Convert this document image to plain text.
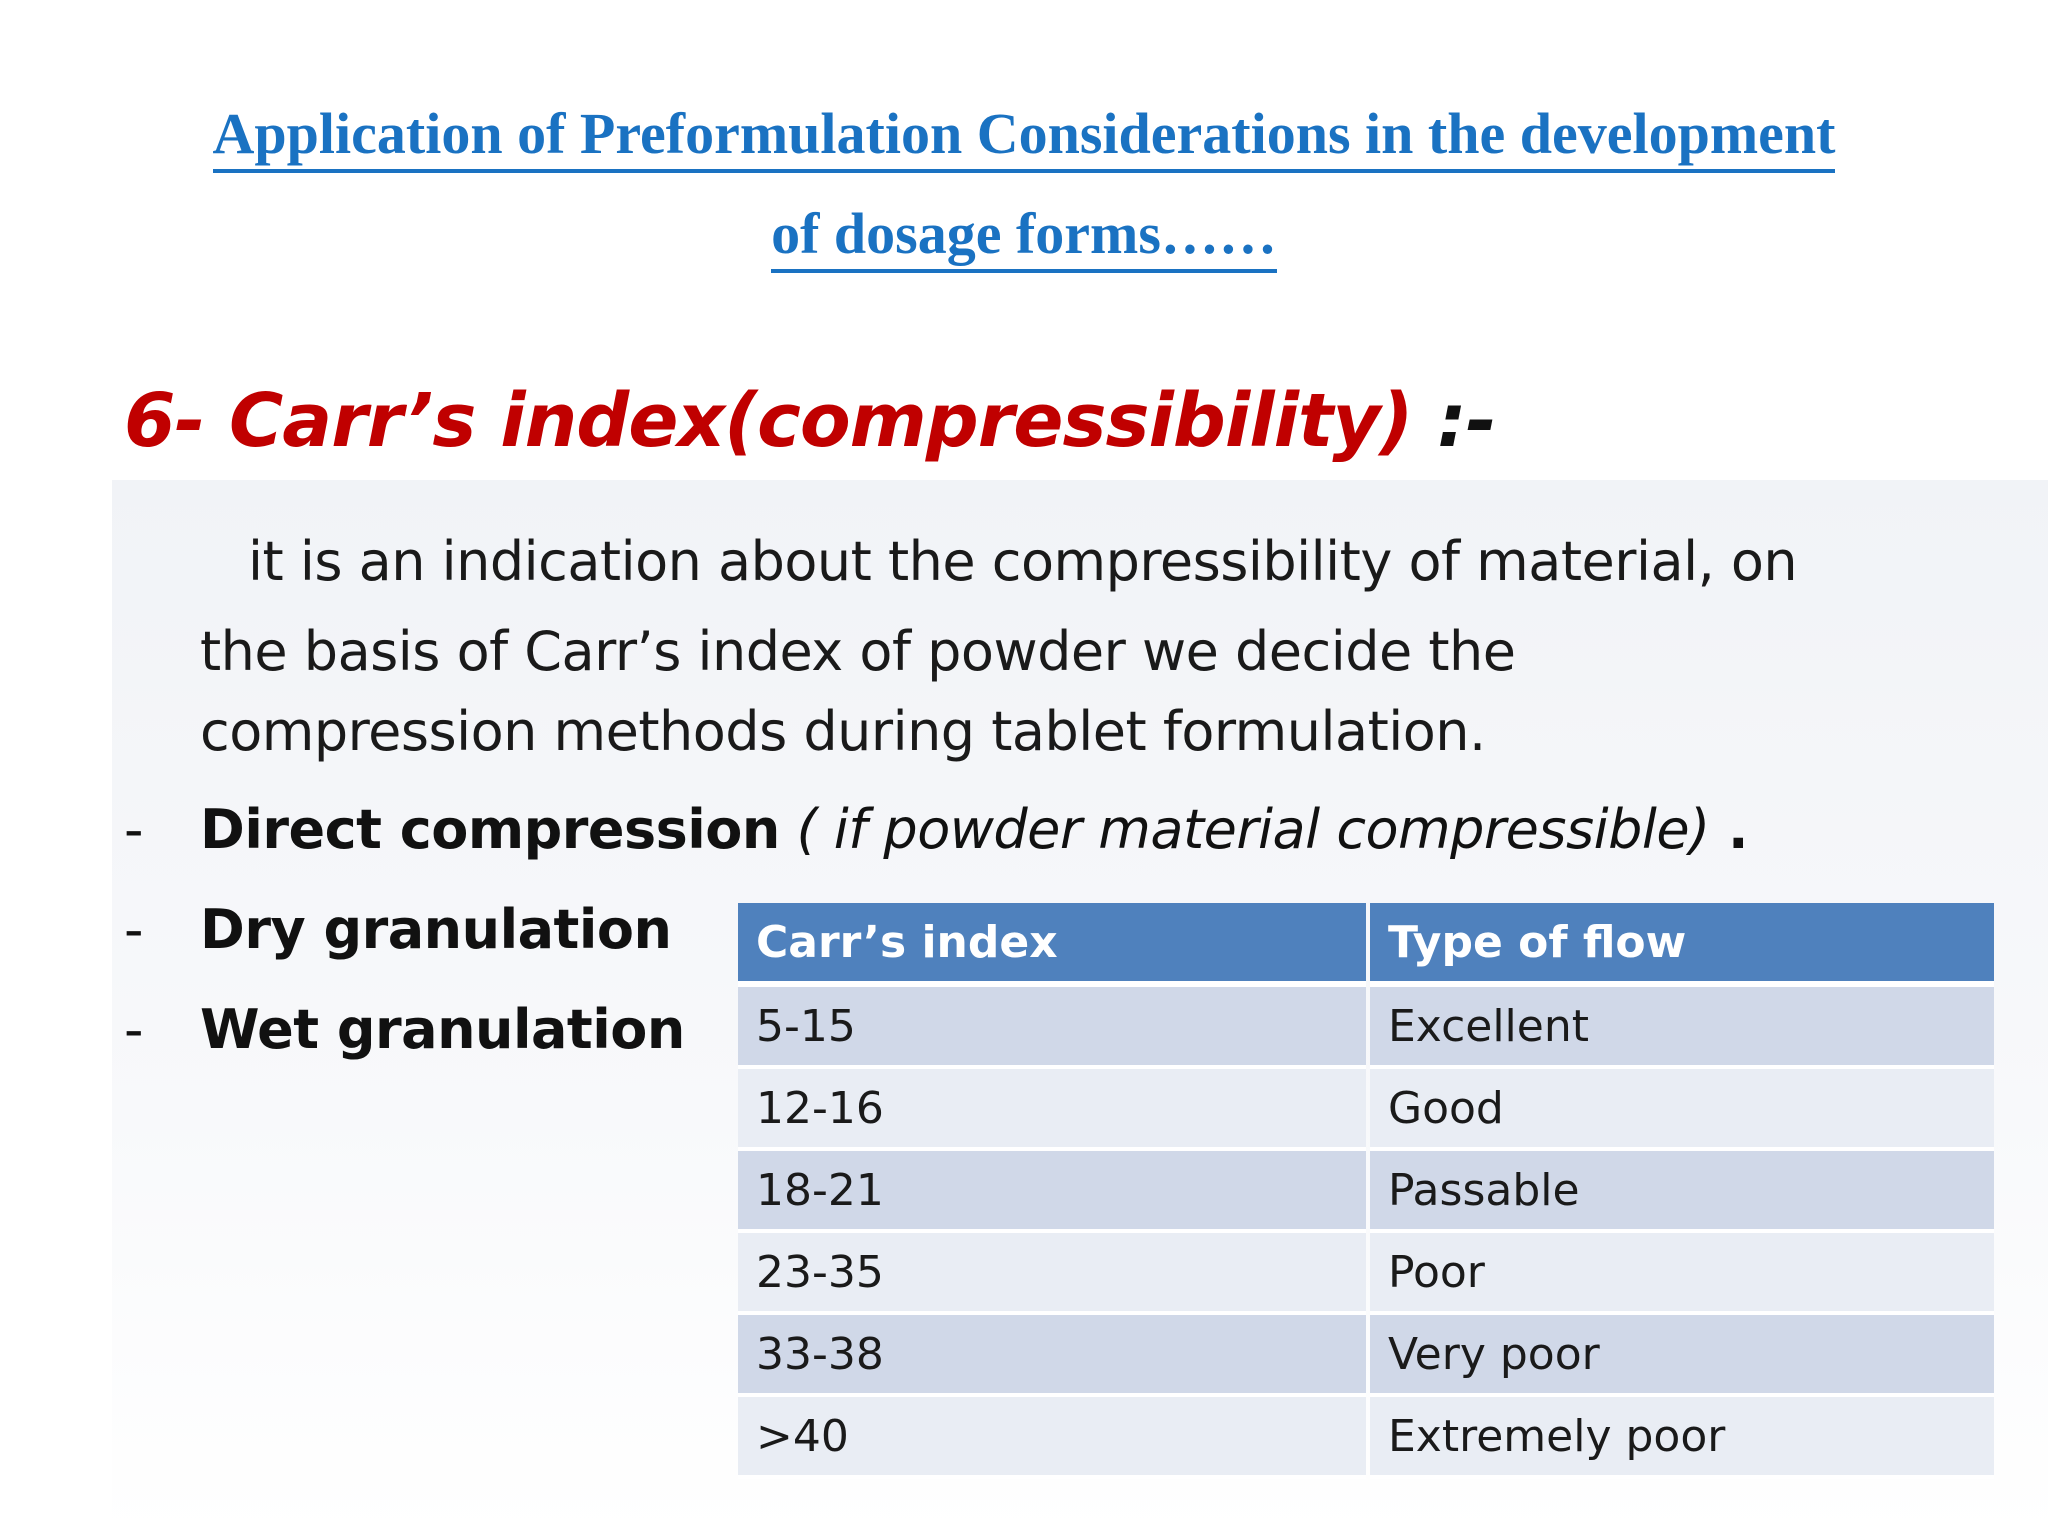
Application of Preformulation Considerations in the development
of dosage forms……
6- Carr’s index(compressibility) :-
it is an indication about the compressibility of material, on
the basis of Carr’s index of powder we decide the
compression methods during tablet formulation.
- Direct compression ( if powder material compressible) .
- Dry granulation
- Wet granulation
Carr’s index	Type of flow
5-15	Excellent
12-16	Good
18-21	Passable
23-35	Poor
33-38	Very poor
>40	Extremely poor
